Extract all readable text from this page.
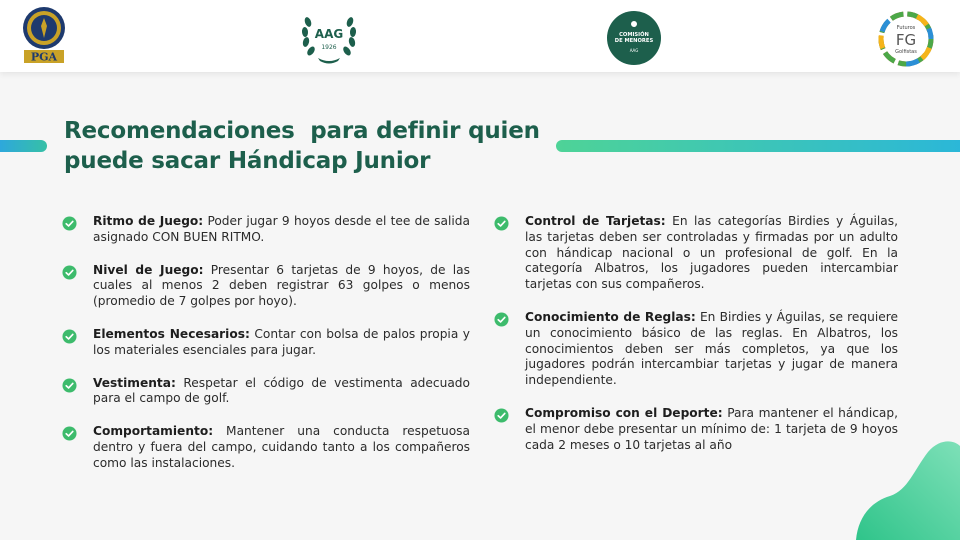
PGA
AAG
1926
COMISIÓN
DE MENORES
AAG
Futuros
FG
Golfistas
Recomendaciones  para definir quien
puede sacar Hándicap Junior
Ritmo de Juego: Poder jugar 9 hoyos desde el tee de salida asignado CON BUEN RITMO.
Nivel de Juego: Presentar 6 tarjetas de 9 hoyos, de las cuales al menos 2 deben registrar 63 golpes o menos (promedio de 7 golpes por hoyo).
Elementos Necesarios: Contar con bolsa de palos propia y los materiales esenciales para jugar.
Vestimenta: Respetar el código de vestimenta adecuado para el campo de golf.
Comportamiento: Mantener una conducta respetuosa dentro y fuera del campo, cuidando tanto a los compañeros como las instalaciones.
Control de Tarjetas: En las categorías Birdies y Águilas, las tarjetas deben ser controladas y firmadas por un adulto con hándicap nacional o un profesional de golf. En la categoría Albatros, los jugadores pueden intercambiar tarjetas con sus compañeros.
Conocimiento de Reglas: En Birdies y Águilas, se requiere un conocimiento básico de las reglas. En Albatros, los conocimientos deben ser más completos, ya que los jugadores podrán intercambiar tarjetas y jugar de manera independiente.
Compromiso con el Deporte: Para mantener el hándicap, el menor debe presentar un mínimo de: 1 tarjeta de 9 hoyos cada 2 meses o 10 tarjetas al año
